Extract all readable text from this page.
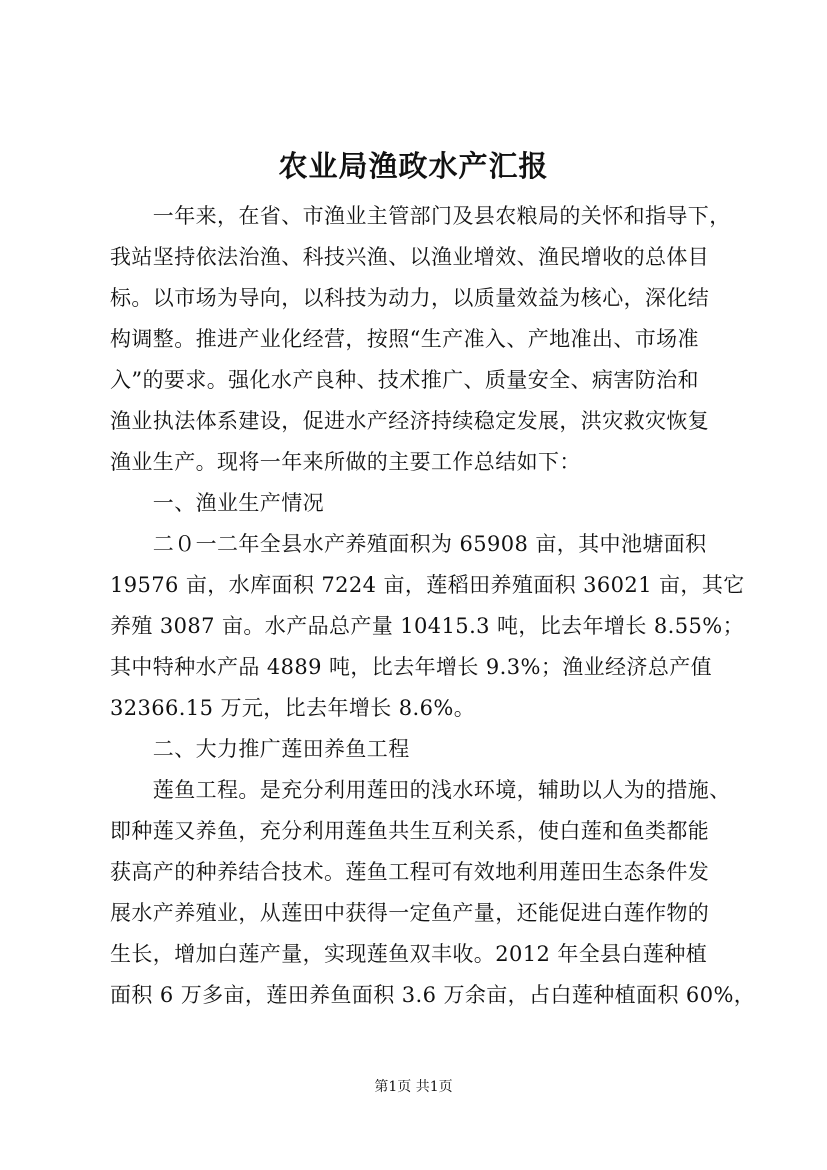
农业局渔政水产汇报
　　一年来，在省、市渔业主管部门及县农粮局的关怀和指导下，
我站坚持依法治渔、科技兴渔、以渔业增效、渔民增收的总体目
标。以市场为导向，以科技为动力，以质量效益为核心，深化结
构调整。推进产业化经营，按照“生产准入、产地准出、市场准
入”的要求。强化水产良种、技术推广、质量安全、病害防治和
渔业执法体系建设，促进水产经济持续稳定发展，洪灾救灾恢复
渔业生产。现将一年来所做的主要工作总结如下：
　　一、渔业生产情况
　　二０一二年全县水产养殖面积为 65908 亩，其中池塘面积
19576 亩，水库面积 7224 亩，莲稻田养殖面积 36021 亩，其它
养殖 3087 亩。水产品总产量 10415.3 吨，比去年增长 8.55%；
其中特种水产品 4889 吨，比去年增长 9.3%；渔业经济总产值
32366.15 万元，比去年增长 8.6%。
　　二、大力推广莲田养鱼工程
　　莲鱼工程。是充分利用莲田的浅水环境，辅助以人为的措施、
即种莲又养鱼，充分利用莲鱼共生互利关系，使白莲和鱼类都能
获高产的种养结合技术。莲鱼工程可有效地利用莲田生态条件发
展水产养殖业，从莲田中获得一定鱼产量，还能促进白莲作物的
生长，增加白莲产量，实现莲鱼双丰收。2012 年全县白莲种植
面积 6 万多亩，莲田养鱼面积 3.6 万余亩，占白莲种植面积 60%，
第1页 共1页
